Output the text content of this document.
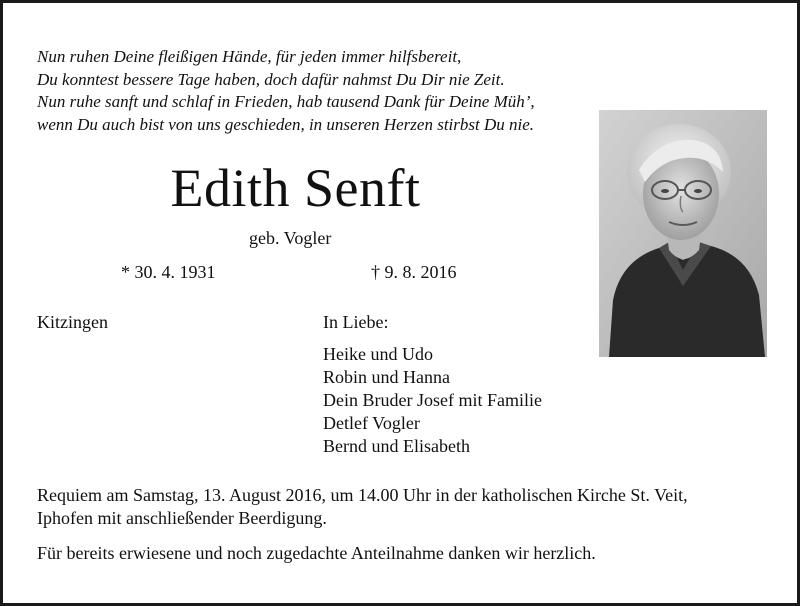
Nun ruhen Deine fleißigen Hände, für jeden immer hilfsbereit,
Du konntest bessere Tage haben, doch dafür nahmst Du Dir nie Zeit.
Nun ruhe sanft und schlaf in Frieden, hab tausend Dank für Deine Müh’,
wenn Du auch bist von uns geschieden, in unseren Herzen stirbst Du nie.
Edith Senft
geb. Vogler
* 30. 4. 1931	† 9. 8. 2016
Kitzingen	In Liebe:
Heike und Udo
Robin und Hanna
Dein Bruder Josef mit Familie
Detlef Vogler
Bernd und Elisabeth
Requiem am Samstag, 13. August 2016, um 14.00 Uhr in der katholischen Kirche St. Veit,
Iphofen mit anschließender Beerdigung.
Für bereits erwiesene und noch zugedachte Anteilnahme danken wir herzlich.
